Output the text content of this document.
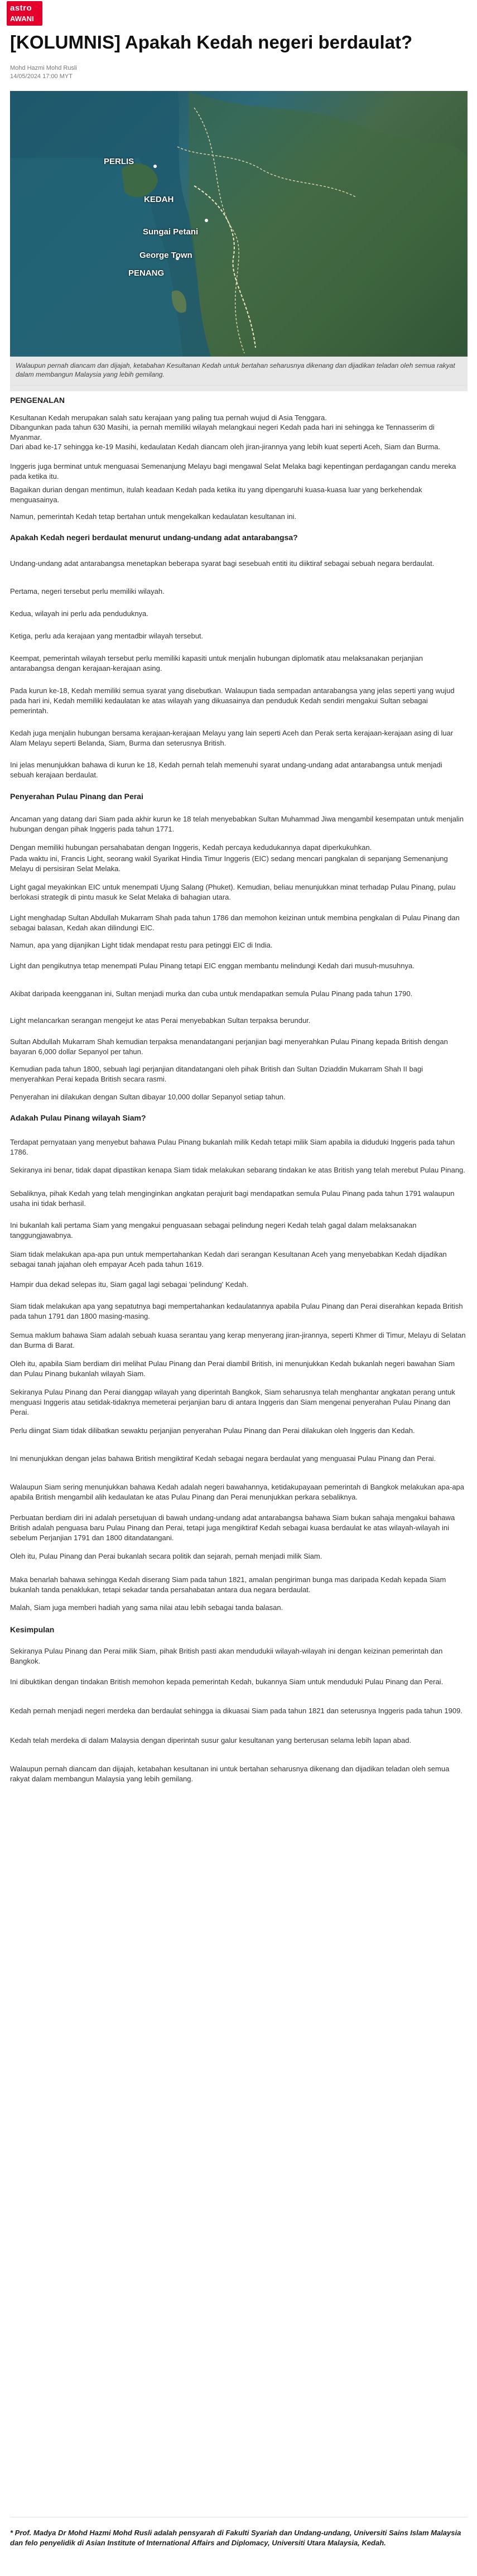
astro
AWANI
[KOLUMNIS] Apakah Kedah negeri berdaulat?
Mohd Hazmi Mohd Rusli
14/05/2024 17:00 MYT
PERLIS
KEDAH
Sungai Petani
George Town
PENANG
Walaupun pernah diancam dan dijajah, ketabahan Kesultanan Kedah untuk bertahan seharusnya dikenang dan dijadikan teladan oleh semua rakyat dalam membangun Malaysia yang lebih gemilang.
PENGENALAN
Kesultanan Kedah merupakan salah satu kerajaan yang paling tua pernah wujud di Asia Tenggara.
Dibangunkan pada tahun 630 Masihi, ia pernah memiliki wilayah melangkaui negeri Kedah pada hari ini sehingga ke Tennasserim di Myanmar.
Dari abad ke-17 sehingga ke-19 Masihi, kedaulatan Kedah diancam oleh jiran-jirannya yang lebih kuat seperti Aceh, Siam dan Burma.
Inggeris juga berminat untuk menguasai Semenanjung Melayu bagi mengawal Selat Melaka bagi kepentingan perdagangan candu mereka pada ketika itu.
Bagaikan durian dengan mentimun, itulah keadaan Kedah pada ketika itu yang dipengaruhi kuasa-kuasa luar yang berkehendak menguasainya.
Namun, pemerintah Kedah tetap bertahan untuk mengekalkan kedaulatan kesultanan ini.
Apakah Kedah negeri berdaulat menurut undang-undang adat antarabangsa?
Undang-undang adat antarabangsa menetapkan beberapa syarat bagi sesebuah entiti itu diiktiraf sebagai sebuah negara berdaulat.
Pertama, negeri tersebut perlu memiliki wilayah.
Kedua, wilayah ini perlu ada penduduknya.
Ketiga, perlu ada kerajaan yang mentadbir wilayah tersebut.
Keempat, pemerintah wilayah tersebut perlu memiliki kapasiti untuk menjalin hubungan diplomatik atau melaksanakan perjanjian antarabangsa dengan kerajaan-kerajaan asing.
Pada kurun ke-18, Kedah memiliki semua syarat yang disebutkan. Walaupun tiada sempadan antarabangsa yang jelas seperti yang wujud pada hari ini, Kedah memiliki kedaulatan ke atas wilayah yang dikuasainya dan penduduk Kedah sendiri mengakui Sultan sebagai pemerintah.
Kedah juga menjalin hubungan bersama kerajaan-kerajaan Melayu yang lain seperti Aceh dan Perak serta kerajaan-kerajaan asing di luar Alam Melayu seperti Belanda, Siam, Burma dan seterusnya British.
Ini jelas menunjukkan bahawa di kurun ke 18, Kedah pernah telah memenuhi syarat undang-undang adat antarabangsa untuk menjadi sebuah kerajaan berdaulat.
Penyerahan Pulau Pinang dan Perai
Ancaman yang datang dari Siam pada akhir kurun ke 18 telah menyebabkan Sultan Muhammad Jiwa mengambil kesempatan untuk menjalin hubungan dengan pihak Inggeris pada tahun 1771.
Dengan memiliki hubungan persahabatan dengan Inggeris, Kedah percaya kedudukannya dapat diperkukuhkan.
Pada waktu ini, Francis Light, seorang wakil Syarikat Hindia Timur Inggeris (EIC) sedang mencari pangkalan di sepanjang Semenanjung Melayu di persisiran Selat Melaka.
Light gagal meyakinkan EIC untuk menempati Ujung Salang (Phuket). Kemudian, beliau menunjukkan minat terhadap Pulau Pinang, pulau berlokasi strategik di pintu masuk ke Selat Melaka di bahagian utara.
Light menghadap Sultan Abdullah Mukarram Shah pada tahun 1786 dan memohon keizinan untuk membina pengkalan di Pulau Pinang dan sebagai balasan, Kedah akan dilindungi EIC.
Namun, apa yang dijanjikan Light tidak mendapat restu para petinggi EIC di India.
Light dan pengikutnya tetap menempati Pulau Pinang tetapi EIC enggan membantu melindungi Kedah dari musuh-musuhnya.
Akibat daripada keengganan ini, Sultan menjadi murka dan cuba untuk mendapatkan semula Pulau Pinang pada tahun 1790.
Light melancarkan serangan mengejut ke atas Perai menyebabkan Sultan terpaksa berundur.
Sultan Abdullah Mukarram Shah kemudian terpaksa menandatangani perjanjian bagi menyerahkan Pulau Pinang kepada British dengan bayaran 6,000 dollar Sepanyol per tahun.
Kemudian pada tahun 1800, sebuah lagi perjanjian ditandatangani oleh pihak British dan Sultan Dziaddin Mukarram Shah II bagi menyerahkan Perai kepada British secara rasmi.
Penyerahan ini dilakukan dengan Sultan dibayar 10,000 dollar Sepanyol setiap tahun.
Adakah Pulau Pinang wilayah Siam?
Terdapat pernyataan yang menyebut bahawa Pulau Pinang bukanlah milik Kedah tetapi milik Siam apabila ia diduduki Inggeris pada tahun 1786.
Sekiranya ini benar, tidak dapat dipastikan kenapa Siam tidak melakukan sebarang tindakan ke atas British yang telah merebut Pulau Pinang.
Sebaliknya, pihak Kedah yang telah menginginkan angkatan perajurit bagi mendapatkan semula Pulau Pinang pada tahun 1791 walaupun usaha ini tidak berhasil.
Ini bukanlah kali pertama Siam yang mengakui penguasaan sebagai pelindung negeri Kedah telah gagal dalam melaksanakan tanggungjawabnya.
Siam tidak melakukan apa-apa pun untuk mempertahankan Kedah dari serangan Kesultanan Aceh yang menyebabkan Kedah dijadikan sebagai tanah jajahan oleh empayar Aceh pada tahun 1619.
Hampir dua dekad selepas itu, Siam gagal lagi sebagai 'pelindung' Kedah.
Siam tidak melakukan apa yang sepatutnya bagi mempertahankan kedaulatannya apabila Pulau Pinang dan Perai diserahkan kepada British pada tahun 1791 dan 1800 masing-masing.
Semua maklum bahawa Siam adalah sebuah kuasa serantau yang kerap menyerang jiran-jirannya, seperti Khmer di Timur, Melayu di Selatan dan Burma di Barat.
Oleh itu, apabila Siam berdiam diri melihat Pulau Pinang dan Perai diambil British, ini menunjukkan Kedah bukanlah negeri bawahan Siam dan Pulau Pinang bukanlah wilayah Siam.
Sekiranya Pulau Pinang dan Perai dianggap wilayah yang diperintah Bangkok, Siam seharusnya telah menghantar angkatan perang untuk menguasi Inggeris atau setidak-tidaknya memeterai perjanjian baru di antara Inggeris dan Siam mengenai penyerahan Pulau Pinang dan Perai.
Perlu diingat Siam tidak dilibatkan sewaktu perjanjian penyerahan Pulau Pinang dan Perai dilakukan oleh Inggeris dan Kedah.
Ini menunjukkan dengan jelas bahawa British mengiktiraf Kedah sebagai negara berdaulat yang menguasai Pulau Pinang dan Perai.
Walaupun Siam sering menunjukkan bahawa Kedah adalah negeri bawahannya, ketidakupayaan pemerintah di Bangkok melakukan apa-apa apabila British mengambil alih kedaulatan ke atas Pulau Pinang dan Perai menunjukkan perkara sebaliknya.
Perbuatan berdiam diri ini adalah persetujuan di bawah undang-undang adat antarabangsa bahawa Siam bukan sahaja mengakui bahawa British adalah penguasa baru Pulau Pinang dan Perai, tetapi juga mengiktiraf Kedah sebagai kuasa berdaulat ke atas wilayah-wilayah ini sebelum Perjanjian 1791 dan 1800 ditandatangani.
Oleh itu, Pulau Pinang dan Perai bukanlah secara politik dan sejarah, pernah menjadi milik Siam.
Maka benarlah bahawa sehingga Kedah diserang Siam pada tahun 1821, amalan pengiriman bunga mas daripada Kedah kepada Siam bukanlah tanda penaklukan, tetapi sekadar tanda persahabatan antara dua negara berdaulat.
Malah, Siam juga memberi hadiah yang sama nilai atau lebih sebagai tanda balasan.
Kesimpulan
Sekiranya Pulau Pinang dan Perai milik Siam, pihak British pasti akan mendudukii wilayah-wilayah ini dengan keizinan pemerintah dan Bangkok.
Ini dibuktikan dengan tindakan British memohon kepada pemerintah Kedah, bukannya Siam untuk menduduki Pulau Pinang dan Perai.
Kedah pernah menjadi negeri merdeka dan berdaulat sehingga ia dikuasai Siam pada tahun 1821 dan seterusnya Inggeris pada tahun 1909.
Kedah telah merdeka di dalam Malaysia dengan diperintah susur galur kesultanan yang berterusan selama lebih lapan abad.
Walaupun pernah diancam dan dijajah, ketabahan kesultanan ini untuk bertahan seharusnya dikenang dan dijadikan teladan oleh semua rakyat dalam membangun Malaysia yang lebih gemilang.
* Prof. Madya Dr Mohd Hazmi Mohd Rusli adalah pensyarah di Fakulti Syariah dan Undang-undang, Universiti Sains Islam Malaysia dan felo penyelidik di Asian Institute of International Affairs and Diplomacy, Universiti Utara Malaysia, Kedah.
